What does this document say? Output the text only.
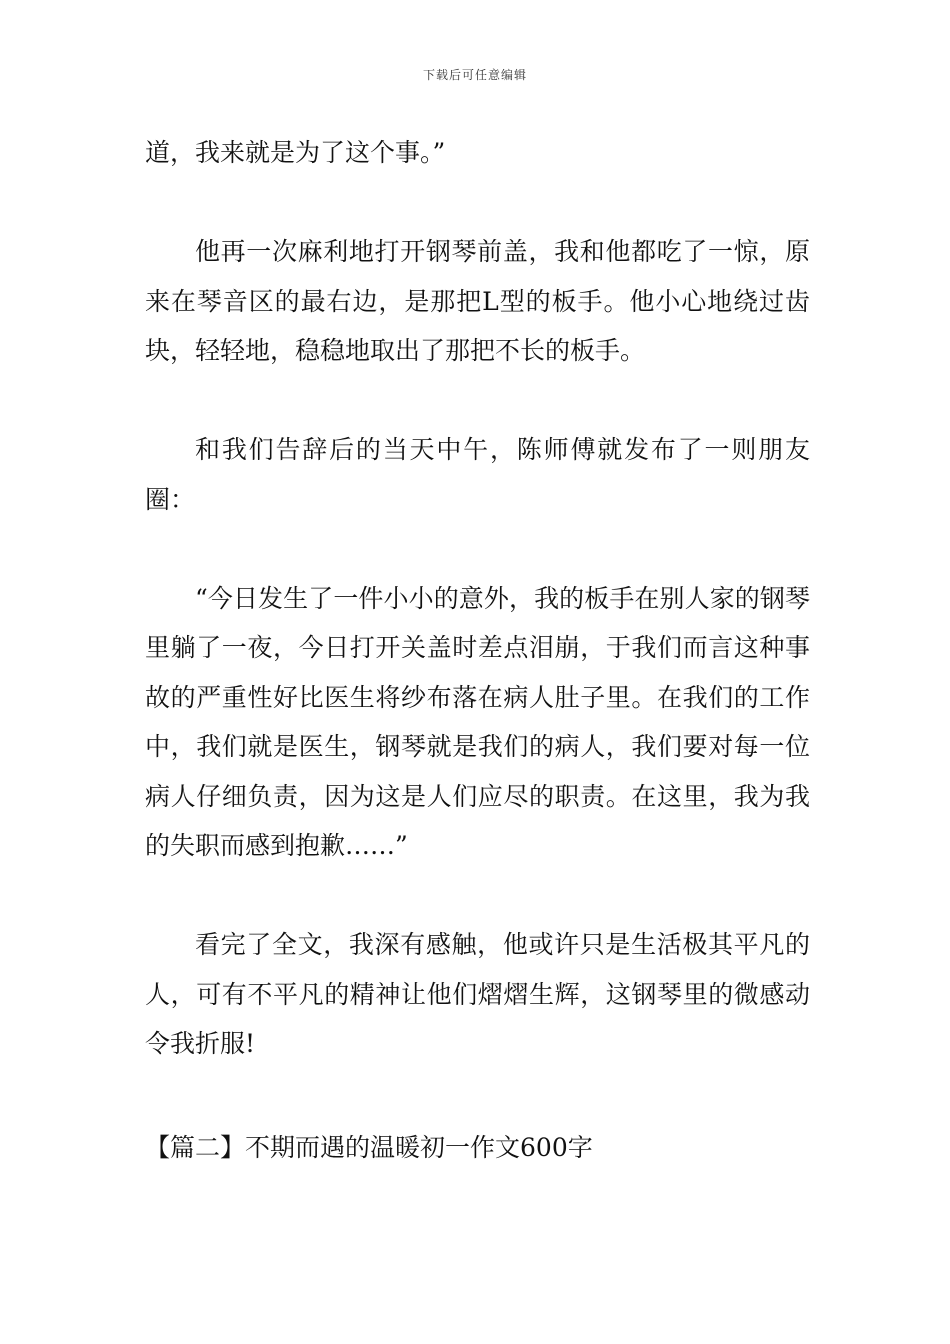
下载后可任意编辑

道，我来就是为了这个事。”

他再一次麻利地打开钢琴前盖，我和他都吃了一惊，原来在琴音区的最右边，是那把L型的板手。他小心地绕过齿块，轻轻地，稳稳地取出了那把不长的板手。

和我们告辞后的当天中午，陈师傅就发布了一则朋友圈：

“今日发生了一件小小的意外，我的板手在别人家的钢琴里躺了一夜，今日打开关盖时差点泪崩，于我们而言这种事故的严重性好比医生将纱布落在病人肚子里。在我们的工作中，我们就是医生，钢琴就是我们的病人，我们要对每一位病人仔细负责，因为这是人们应尽的职责。在这里，我为我的失职而感到抱歉……”

看完了全文，我深有感触，他或许只是生活极其平凡的人，可有不平凡的精神让他们熠熠生辉，这钢琴里的微感动令我折服!

【篇二】不期而遇的温暖初一作文600字
